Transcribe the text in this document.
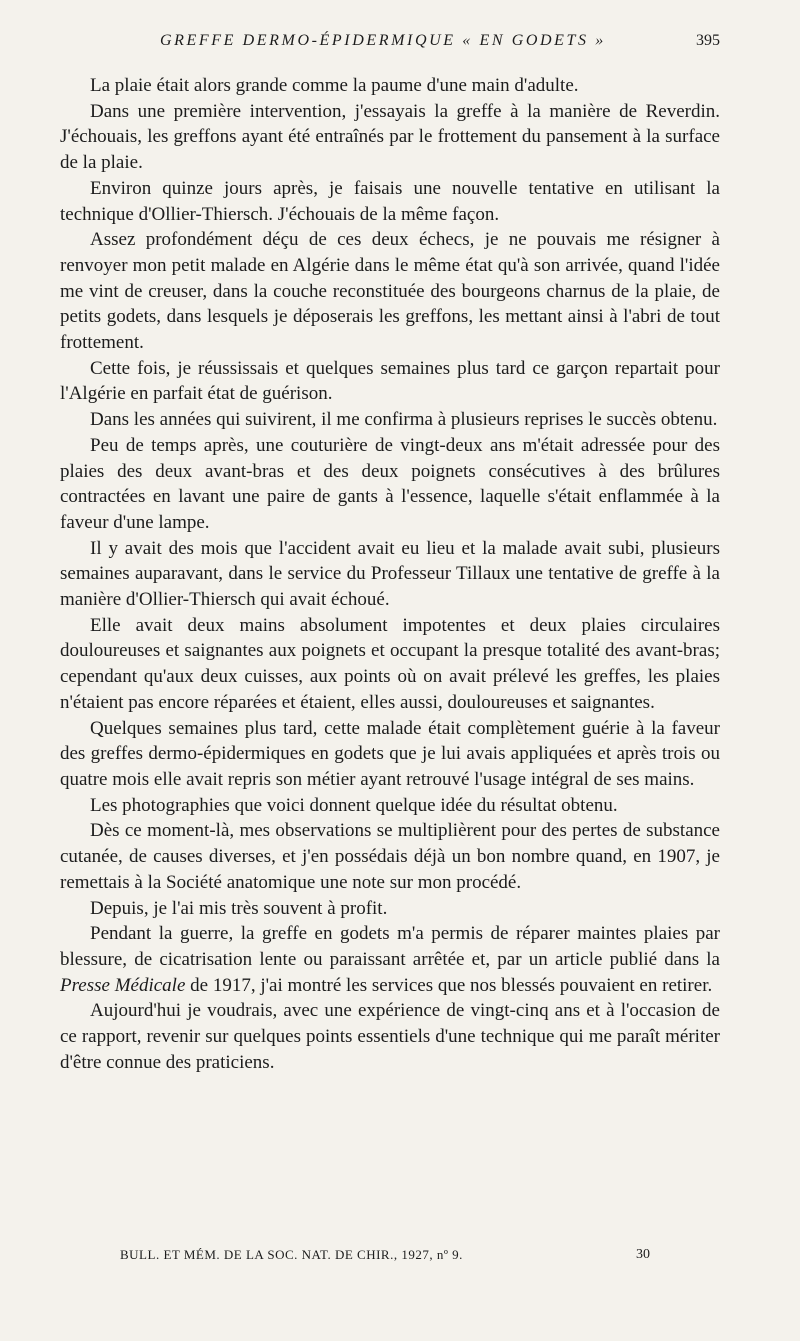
GREFFE DERMO-ÉPIDERMIQUE « EN GODETS »	395

La plaie était alors grande comme la paume d'une main d'adulte.

Dans une première intervention, j'essayais la greffe à la manière de Reverdin. J'échouais, les greffons ayant été entraînés par le frottement du pansement à la surface de la plaie.

Environ quinze jours après, je faisais une nouvelle tentative en utilisant la technique d'Ollier-Thiersch. J'échouais de la même façon.

Assez profondément déçu de ces deux échecs, je ne pouvais me résigner à renvoyer mon petit malade en Algérie dans le même état qu'à son arrivée, quand l'idée me vint de creuser, dans la couche reconstituée des bourgeons charnus de la plaie, de petits godets, dans lesquels je déposerais les greffons, les mettant ainsi à l'abri de tout frottement.

Cette fois, je réussissais et quelques semaines plus tard ce garçon repartait pour l'Algérie en parfait état de guérison.

Dans les années qui suivirent, il me confirma à plusieurs reprises le succès obtenu.

Peu de temps après, une couturière de vingt-deux ans m'était adressée pour des plaies des deux avant-bras et des deux poignets consécutives à des brûlures contractées en lavant une paire de gants à l'essence, laquelle s'était enflammée à la faveur d'une lampe.

Il y avait des mois que l'accident avait eu lieu et la malade avait subi, plusieurs semaines auparavant, dans le service du Professeur Tillaux une tentative de greffe à la manière d'Ollier-Thiersch qui avait échoué.

Elle avait deux mains absolument impotentes et deux plaies circulaires douloureuses et saignantes aux poignets et occupant la presque totalité des avant-bras; cependant qu'aux deux cuisses, aux points où on avait prélevé les greffes, les plaies n'étaient pas encore réparées et étaient, elles aussi, douloureuses et saignantes.

Quelques semaines plus tard, cette malade était complètement guérie à la faveur des greffes dermo-épidermiques en godets que je lui avais appliquées et après trois ou quatre mois elle avait repris son métier ayant retrouvé l'usage intégral de ses mains.

Les photographies que voici donnent quelque idée du résultat obtenu.

Dès ce moment-là, mes observations se multiplièrent pour des pertes de substance cutanée, de causes diverses, et j'en possédais déjà un bon nombre quand, en 1907, je remettais à la Société anatomique une note sur mon procédé.

Depuis, je l'ai mis très souvent à profit.

Pendant la guerre, la greffe en godets m'a permis de réparer maintes plaies par blessure, de cicatrisation lente ou paraissant arrêtée et, par un article publié dans la Presse Médicale de 1917, j'ai montré les services que nos blessés pouvaient en retirer.

Aujourd'hui je voudrais, avec une expérience de vingt-cinq ans et à l'occasion de ce rapport, revenir sur quelques points essentiels d'une technique qui me paraît mériter d'être connue des praticiens.

BULL. ET MÉM. DE LA SOC. NAT. DE CHIR., 1927, nº 9.	30
